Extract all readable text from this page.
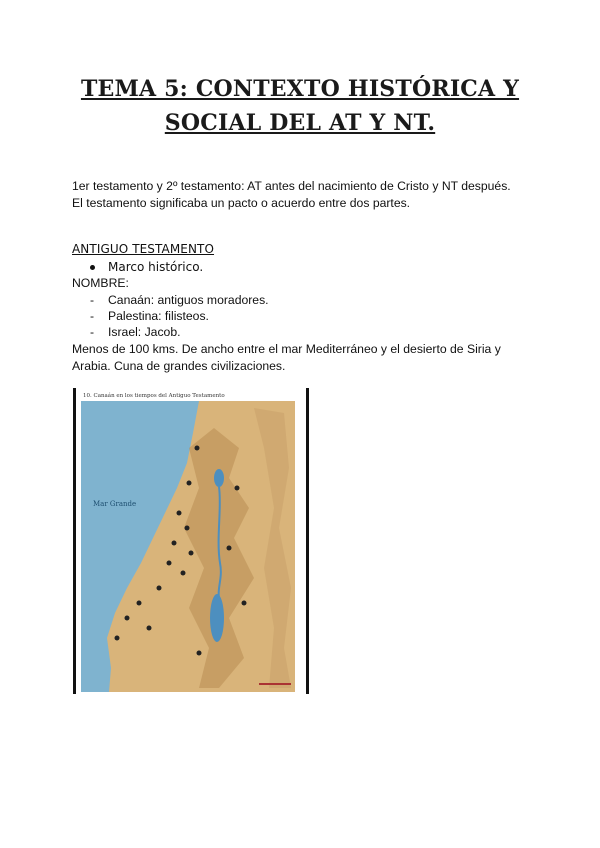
TEMA 5: CONTEXTO HISTÓRICA Y
SOCIAL DEL AT Y NT.
1er testamento y 2º testamento: AT antes del nacimiento de Cristo y NT después.
El testamento significaba un pacto o acuerdo entre dos partes.
ANTIGUO TESTAMENTO
Marco histórico.
NOMBRE:
-	Canaán: antiguos moradores.
-	Palestina: filisteos.
-	Israel: Jacob.
Menos de 100 kms. De ancho entre el mar Mediterráneo y el desierto de Siria y
Arabia. Cuna de grandes civilizaciones.
10. Canaán en los tiempos del Antiguo Testamento
Mar Grande
